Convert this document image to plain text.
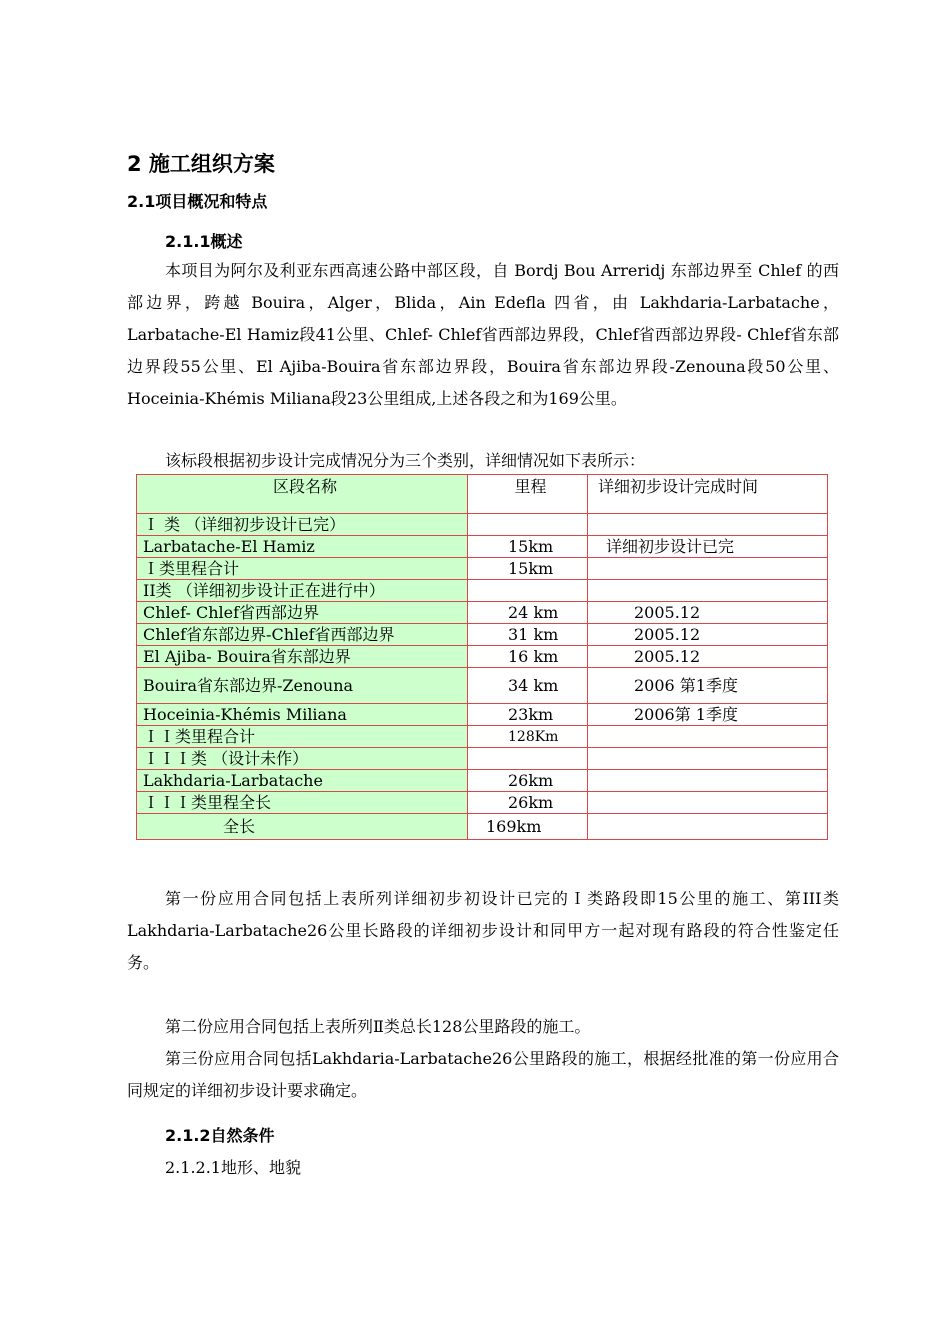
2 施工组织方案
2.1项目概况和特点
2.1.1概述

本项目为阿尔及利亚东西高速公路中部区段，自 Bordj Bou Arreridj 东部边界至 Chlef 的西部边界，跨越 Bouira，Alger，Blida，Ain Edefla 四省，由 Lakhdaria-Larbatache，Larbatache-El Hamiz段41公里、Chlef- Chlef省西部边界段，Chlef省西部边界段- Chlef省东部边界段55公里、El Ajiba-Bouira省东部边界段，Bouira省东部边界段-Zenouna段50公里、Hoceinia-Khémis Miliana段23公里组成,上述各段之和为169公里。

该标段根据初步设计完成情况分为三个类别，详细情况如下表所示：
区段名称	里程	详细初步设计完成时间
Ｉ 类 （详细初步设计已完）		
Larbatache-El Hamiz	15km	详细初步设计已完
Ｉ类里程合计	15km	
II类 （详细初步设计正在进行中）		
Chlef- Chlef省西部边界	24 km	2005.12
Chlef省东部边界-Chlef省西部边界	31 km	2005.12
El Ajiba- Bouira省东部边界	16 km	2005.12
Bouira省东部边界-Zenouna	34 km	2006 第1季度
Hoceinia-Khémis Miliana	23km	2006第 1季度
ＩＩ类里程合计	128Km	
ＩＩＩ类 （设计未作）		
Lakhdaria-Larbatache	26km	
ＩＩＩ类里程全长	26km	
全长	169km	

第一份应用合同包括上表所列详细初步初设计已完的Ｉ类路段即15公里的施工、第III类 Lakhdaria-Larbatache26公里长路段的详细初步设计和同甲方一起对现有路段的符合性鉴定任务。

第二份应用合同包括上表所列Ⅱ类总长128公里路段的施工。

第三份应用合同包括Lakhdaria-Larbatache26公里路段的施工，根据经批准的第一份应用合同规定的详细初步设计要求确定。

2.1.2自然条件
2.1.2.1地形、地貌
